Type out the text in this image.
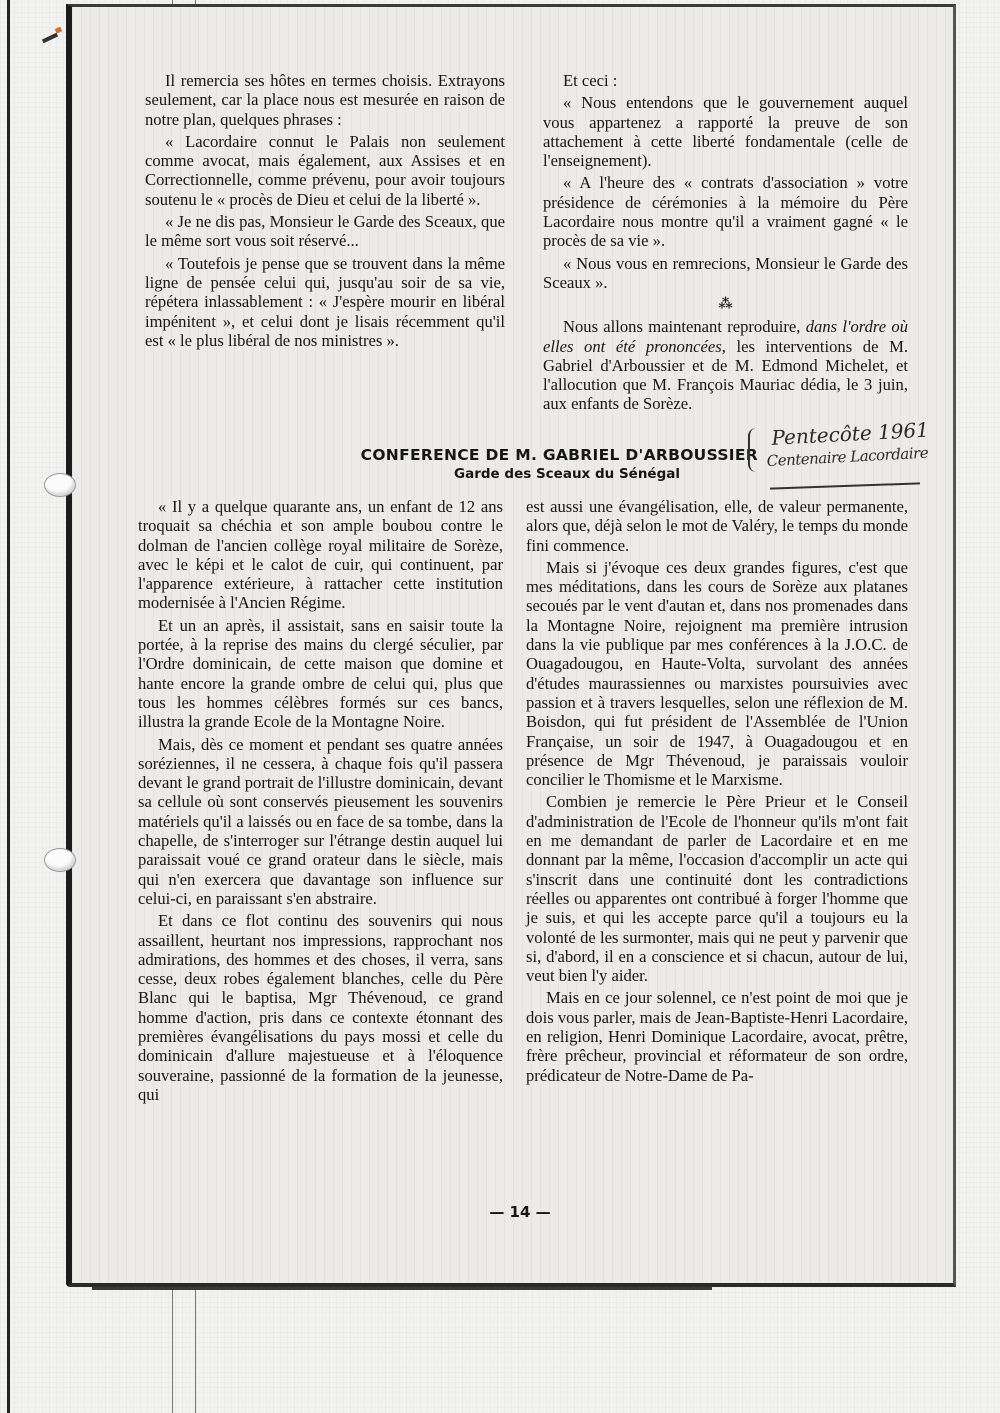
Il remercia ses hôtes en termes choisis. Extrayons seulement, car la place nous est mesurée en raison de notre plan, quelques phrases :

« Lacordaire connut le Palais non seulement comme avocat, mais également, aux Assises et en Correctionnelle, comme prévenu, pour avoir toujours soutenu le « procès de Dieu et celui de la liberté ».

« Je ne dis pas, Monsieur le Garde des Sceaux, que le même sort vous soit réservé...

« Toutefois je pense que se trouvent dans la même ligne de pensée celui qui, jusqu'au soir de sa vie, répétera inlassablement : « J'espère mourir en libéral impénitent », et celui dont je lisais récemment qu'il est « le plus libéral de nos ministres ».

Et ceci :

« Nous entendons que le gouvernement auquel vous appartenez a rapporté la preuve de son attachement à cette liberté fondamentale (celle de l'enseignement).

« A l'heure des « contrats d'association » votre présidence de cérémonies à la mémoire du Père Lacordaire nous montre qu'il a vraiment gagné « le procès de sa vie ».

« Nous vous en remrecions, Monsieur le Garde des Sceaux ».

⁂

Nous allons maintenant reproduire, dans l'ordre où elles ont été prononcées, les interventions de M. Gabriel d'Arboussier et de M. Edmond Michelet, et l'allocution que M. François Mauriac dédia, le 3 juin, aux enfants de Sorèze.

CONFERENCE DE M. GABRIEL D'ARBOUSSIER
Garde des Sceaux du Sénégal
Pentecôte 1961
Centenaire Lacordaire

« Il y a quelque quarante ans, un enfant de 12 ans troquait sa chéchia et son ample boubou contre le dolman de l'ancien collège royal militaire de Sorèze, avec le képi et le calot de cuir, qui continuent, par l'apparence extérieure, à rattacher cette institution modernisée à l'Ancien Régime.

Et un an après, il assistait, sans en saisir toute la portée, à la reprise des mains du clergé séculier, par l'Ordre dominicain, de cette maison que domine et hante encore la grande ombre de celui qui, plus que tous les hommes célèbres formés sur ces bancs, illustra la grande Ecole de la Montagne Noire.

Mais, dès ce moment et pendant ses quatre années soréziennes, il ne cessera, à chaque fois qu'il passera devant le grand portrait de l'illustre dominicain, devant sa cellule où sont conservés pieusement les souvenirs matériels qu'il a laissés ou en face de sa tombe, dans la chapelle, de s'interroger sur l'étrange destin auquel lui paraissait voué ce grand orateur dans le siècle, mais qui n'en exercera que davantage son influence sur celui-ci, en paraissant s'en abstraire.

Et dans ce flot continu des souvenirs qui nous assaillent, heurtant nos impressions, rapprochant nos admirations, des hommes et des choses, il verra, sans cesse, deux robes également blanches, celle du Père Blanc qui le baptisa, Mgr Thévenoud, ce grand homme d'action, pris dans ce contexte étonnant des premières évangélisations du pays mossi et celle du dominicain d'allure majestueuse et à l'éloquence souveraine, passionné de la formation de la jeunesse, qui

est aussi une évangélisation, elle, de valeur permanente, alors que, déjà selon le mot de Valéry, le temps du monde fini commence.

Mais si j'évoque ces deux grandes figures, c'est que mes méditations, dans les cours de Sorèze aux platanes secoués par le vent d'autan et, dans nos promenades dans la Montagne Noire, rejoignent ma première intrusion dans la vie publique par mes conférences à la J.O.C. de Ouagadougou, en Haute-Volta, survolant des années d'études maurassiennes ou marxistes poursuivies avec passion et à travers lesquelles, selon une réflexion de M. Boisdon, qui fut président de l'Assemblée de l'Union Française, un soir de 1947, à Ouagadougou et en présence de Mgr Thévenoud, je paraissais vouloir concilier le Thomisme et le Marxisme.

Combien je remercie le Père Prieur et le Conseil d'administration de l'Ecole de l'honneur qu'ils m'ont fait en me demandant de parler de Lacordaire et en me donnant par la même, l'occasion d'accomplir un acte qui s'inscrit dans une continuité dont les contradictions réelles ou apparentes ont contribué à forger l'homme que je suis, et qui les accepte parce qu'il a toujours eu la volonté de les surmonter, mais qui ne peut y parvenir que si, d'abord, il en a conscience et si chacun, autour de lui, veut bien l'y aider.

Mais en ce jour solennel, ce n'est point de moi que je dois vous parler, mais de Jean-Baptiste-Henri Lacordaire, en religion, Henri Dominique Lacordaire, avocat, prêtre, frère prêcheur, provincial et réformateur de son ordre, prédicateur de Notre-Dame de Pa-

— 14 —
